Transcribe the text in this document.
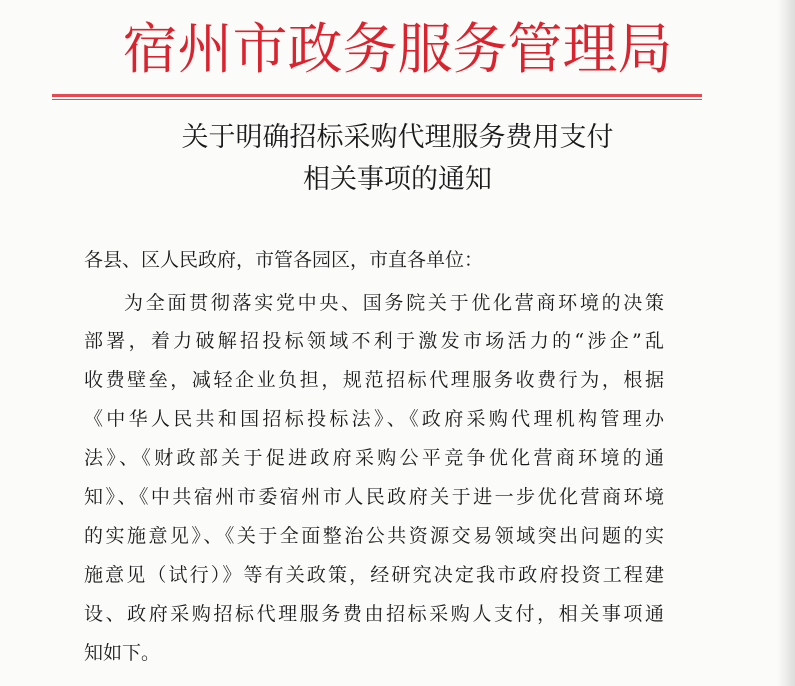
宿州市政务服务管理局
关于明确招标采购代理服务费用支付
相关事项的通知
各县、区人民政府，市管各园区，市直各单位：
为全面贯彻落实党中央、国务院关于优化营商环境的决策
部署，着力破解招投标领域不利于激发市场活力的“涉企”乱
收费壁垒，减轻企业负担，规范招标代理服务收费行为，根据
《中华人民共和国招标投标法》、《政府采购代理机构管理办
法》、《财政部关于促进政府采购公平竞争优化营商环境的通
知》、《中共宿州市委宿州市人民政府关于进一步优化营商环境
的实施意见》、《关于全面整治公共资源交易领域突出问题的实
施意见（试行）》等有关政策，经研究决定我市政府投资工程建
设、政府采购招标代理服务费由招标采购人支付，相关事项通
知如下。
